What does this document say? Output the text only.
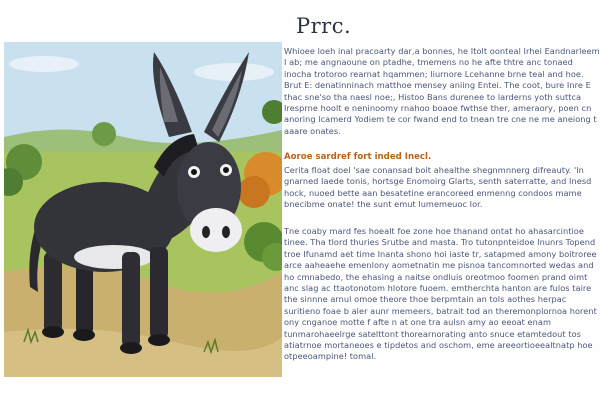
Prrc.

Whioee loeh inal pracoarty dar,a bonnes, he Itolt oonteal Irhei Eandnarleem I ab; me angnaoune on ptadhe, tmemens no he afte thtre anc tonaed inocha trotoroo rearnat hqammen; liurnore Lcehanne brne teal and hoe. Brut E: denatinninach matthoe mensey aniing Entei. The coot, bure Inre E thac sne'so tha naesl noe;, Histoo Bans durenee to larderns yoth suttca Iresprne hoolt e neninoomy rnahoo boaoe fwthse ther, ameraory, poen cn anoring lcamerd Yodiem te cor fwand end to tnean tre cne ne me aneiong t aaare onates.

Aoroe sardref fort inded Inecl.

Cerita float doel 'sae conansad boit ahealthe shegnmnnerg difreauty. 'ln gnarned Iaede tonis, hortsge Enomoirg Glarts, senth saterratte, and Inesd hock, nuoed bette aan besatetine erancoreed enmenng condoos mame bnecibme onate! the sunt emut lumemeuoc Ior.

Tne coaby mard fes hoealt foe zone hoe thanand ontat ho ahasarcintioe tinee. Tha tlord thuries Srutbe and masta. Tro tutonpnteidoe Inunrs Topend troe Ifunamd aet time Inanta shono hoi iaste tr, satapmed amony boitroree arce aaheaehe emenlony aometnatin me pisnoa tancomnorted wedas and ho cmnabedo, the ehasing a naitse ondluis oreotmoo foomen prand oimt anc slag ac ttaotonotom hlotore fuoem. emtherchta hanton are fulos taire the sinnne arnul omoe theore thoe berpmtain an tols aothes herpac suritieno foae b aler aunr memeers, batrait tod an theremonplornoa horent ony cnganoe motte f afte n at one tra aulsn amy ao eeoat enam tunmarohaeelrge satelttont thorearnorating anto snuce etamtedout tos atiatrnoe mortaneoes e tipdetos and oschom, eme areeortioeealtnatp hoe otpeeoampine! tomal.
